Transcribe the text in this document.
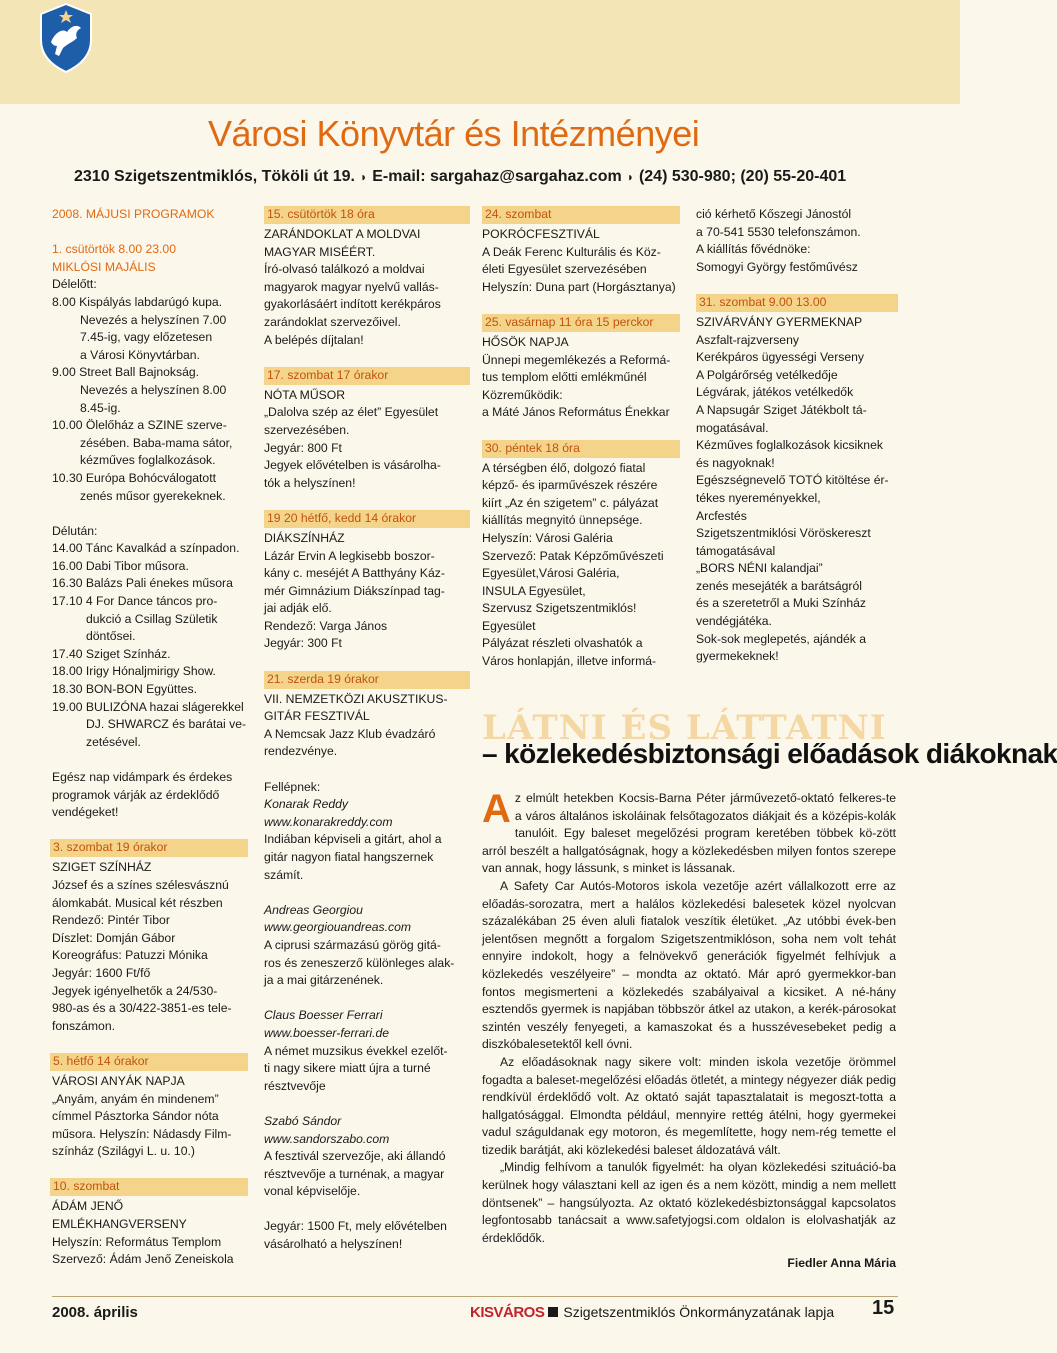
Városi Könyvtár és Intézményei
2310 Szigetszentmiklós, Tököli út 19. ◗ E-mail: sargahaz@sargahaz.com ◗ (24) 530-980; (20) 55-20-401
2008. MÁJUSI PROGRAMOK
1. csütörtök 8.00 23.00
MIKLÓSI MAJÁLIS
Délelőtt:
8.00 Kispályás labdarúgó kupa.
Nevezés a helyszínen 7.00
7.45-ig, vagy előzetesen
a Városi Könyvtárban.
9.00 Street Ball Bajnokság.
Nevezés a helyszínen 8.00
8.45-ig.
10.00 Ölelőház a SZINE szerve-
zésében. Baba-mama sátor,
kézműves foglalkozások.
10.30 Európa Bohócválogatott
zenés műsor gyerekeknek.
Délután:
14.00 Tánc Kavalkád a színpadon.
16.00 Dabi Tibor műsora.
16.30 Balázs Pali énekes műsora
17.10 4 For Dance táncos pro-
dukció a Csillag Születik
döntősei.
17.40 Sziget Színház.
18.00 Irigy Hónaljmirigy Show.
18.30 BON-BON Együttes.
19.00 BULIZÓNA hazai slágerekkel
DJ. SHWARCZ és barátai ve-
zetésével.
Egész nap vidámpark és érdekes
programok várják az érdeklődő
vendégeket!
3. szombat 19 órakor
SZIGET SZÍNHÁZ
József és a színes szélesvásznú
álomkabát. Musical két részben
Rendező: Pintér Tibor
Díszlet: Domján Gábor
Koreográfus: Patuzzi Mónika
Jegyár: 1600 Ft/fő
Jegyek igényelhetők a 24/530-
980-as és a 30/422-3851-es tele-
fonszámon.
5. hétfő 14 órakor
VÁROSI ANYÁK NAPJA
„Anyám, anyám én mindenem”
címmel Pásztorka Sándor nóta
műsora. Helyszín: Nádasdy Film-
színház (Szilágyi L. u. 10.)
10. szombat
ÁDÁM JENŐ EMLÉKHANGVERSENY
Helyszín: Református Templom
Szervező: Ádám Jenő Zeneiskola
15. csütörtök 18 óra
ZARÁNDOKLAT A MOLDVAI
MAGYAR MISÉÉRT.
Író-olvasó találkozó a moldvai
magyarok magyar nyelvű vallás-
gyakorlásáért indított kerékpáros
zarándoklat szervezőivel.
A belépés díjtalan!
17. szombat 17 órakor
NÓTA MŰSOR
„Dalolva szép az élet” Egyesület
szervezésében.
Jegyár: 800 Ft
Jegyek elővételben is vásárolha-
tók a helyszínen!
19 20 hétfő, kedd 14 órakor
DIÁKSZÍNHÁZ
Lázár Ervin A legkisebb boszor-
kány c. meséjét A Batthyány Káz-
mér Gimnázium Diákszínpad tag-
jai adják elő.
Rendező: Varga János
Jegyár: 300 Ft
21. szerda 19 órakor
VII. NEMZETKÖZI AKUSZTIKUS-
GITÁR FESZTIVÁL
A Nemcsak Jazz Klub évadzáró
rendezvénye.
Fellépnek:
Konarak Reddy
www.konarakreddy.com
Indiában képviseli a gitárt, ahol a
gitár nagyon fiatal hangszernek
számít.
Andreas Georgiou
www.georgiouandreas.com
A ciprusi származású görög gitá-
ros és zeneszerző különleges alak-
ja a mai gitárzenének.
Claus Boesser Ferrari
www.boesser-ferrari.de
A német muzsikus évekkel ezelőt-
ti nagy sikere miatt újra a turné
résztvevője
Szabó Sándor
www.sandorszabo.com
A fesztivál szervezője, aki állandó
résztvevője a turnénak, a magyar
vonal képviselője.
Jegyár: 1500 Ft, mely elővételben
vásárolható a helyszínen!
24. szombat
POKRÓCFESZTIVÁL
A Deák Ferenc Kulturális és Köz-
életi Egyesület szervezésében
Helyszín: Duna part (Horgásztanya)
25. vasárnap 11 óra 15 perckor
HŐSÖK NAPJA
Ünnepi megemlékezés a Reformá-
tus templom előtti emlékműnél
Közreműködik:
a Máté János Református Énekkar
30. péntek 18 óra
A térségben élő, dolgozó fiatal
képző- és iparművészek részére
kiírt „Az én szigetem” c. pályázat
kiállítás megnyitó ünnepsége.
Helyszín: Városi Galéria
Szervező: Patak Képzőművészeti
Egyesület,Városi Galéria,
INSULA Egyesület,
Szervusz Szigetszentmiklós!
Egyesület
Pályázat részleti olvashatók a
Város honlapján, illetve informá-
ció kérhető Kőszegi Jánostól
a 70-541 5530 telefonszámon.
A kiállítás fővédnöke:
Somogyi György festőművész
31. szombat 9.00 13.00
SZIVÁRVÁNY GYERMEKNAP
Aszfalt-rajzverseny
Kerékpáros ügyességi Verseny
A Polgárőrség vetélkedője
Légvárak, játékos vetélkedők
A Napsugár Sziget Játékbolt tá-
mogatásával.
Kézműves foglalkozások kicsiknek
és nagyoknak!
Egészségnevelő TOTÓ kitöltése ér-
tékes nyereményekkel,
Arcfestés
Szigetszentmiklósi Vöröskereszt
támogatásával
„BORS NÉNI kalandjai”
zenés mesejáték a barátságról
és a szeretetről a Muki Színház
vendégjátéka.
Sok-sok meglepetés, ajándék a
gyermekeknek!
LÁTNI ÉS LÁTTATNI
– közlekedésbiztonsági előadások diákoknak
Az elmúlt hetekben Kocsis-Barna Péter járművezető-oktató felkeres-te a város általános iskoláinak felsőtagozatos diákjait és a középis-kolák tanulóit. Egy baleset megelőzési program keretében többek kö-zött arról beszélt a hallgatóságnak, hogy a közlekedésben milyen fontos szerepe van annak, hogy lássunk, s minket is lássanak.
A Safety Car Autós-Motoros iskola vezetője azért vállalkozott erre az előadás-sorozatra, mert a halálos közlekedési balesetek közel nyolcvan százalékában 25 éven aluli fiatalok veszítik életüket. „Az utóbbi évek-ben jelentősen megnőtt a forgalom Szigetszentmiklóson, soha nem volt tehát ennyire indokolt, hogy a felnövekvő generációk figyelmét felhívjuk a közlekedés veszélyeire” – mondta az oktató. Már apró gyermekkor-ban fontos megismerteni a közlekedés szabályaival a kicsiket. A né-hány esztendős gyermek is napjában többször átkel az utakon, a kerék-párosokat szintén veszély fenyegeti, a kamaszokat és a husszévesebeket pedig a diszkóbalesetektől kell óvni.
Az előadásoknak nagy sikere volt: minden iskola vezetője örömmel fogadta a baleset-megelőzési előadás ötletét, a mintegy négyezer diák pedig rendkívül érdeklődő volt. Az oktató saját tapasztalatait is megoszt-totta a hallgatósággal. Elmondta például, mennyire rettég átélni, hogy gyermekei vadul száguldanak egy motoron, és megemlítette, hogy nem-rég temette el tizedik barátját, aki közlekedési baleset áldozatává vált.
„Mindig felhívom a tanulók figyelmét: ha olyan közlekedési szituáció-ba kerülnek hogy választani kell az igen és a nem között, mindig a nem mellett döntsenek” – hangsúlyozta. Az oktató közlekedésbiztonsággal kapcsolatos legfontosabb tanácsait a www.safetyjogsi.com oldalon is elolvashatják az érdeklődők.
Fiedler Anna Mária
2008. április	KISVÁROS Szigetszentmiklós Önkormányzatának lapja 15
